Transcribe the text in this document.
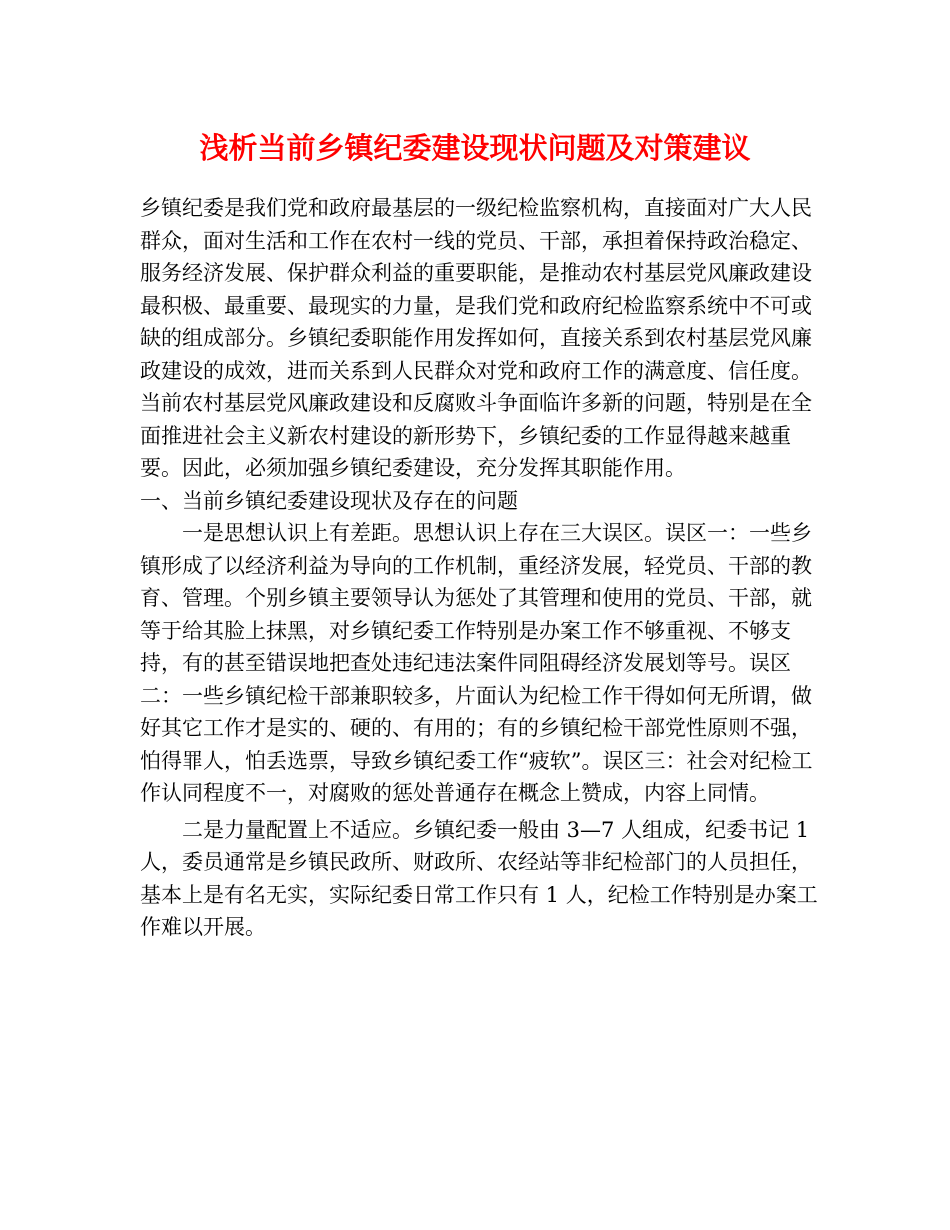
浅析当前乡镇纪委建设现状问题及对策建议

乡镇纪委是我们党和政府最基层的一级纪检监察机构，直接面对广大人民群众，面对生活和工作在农村一线的党员、干部，承担着保持政治稳定、服务经济发展、保护群众利益的重要职能，是推动农村基层党风廉政建设最积极、最重要、最现实的力量，是我们党和政府纪检监察系统中不可或缺的组成部分。乡镇纪委职能作用发挥如何，直接关系到农村基层党风廉政建设的成效，进而关系到人民群众对党和政府工作的满意度、信任度。当前农村基层党风廉政建设和反腐败斗争面临许多新的问题，特别是在全面推进社会主义新农村建设的新形势下，乡镇纪委的工作显得越来越重要。因此，必须加强乡镇纪委建设，充分发挥其职能作用。

一、当前乡镇纪委建设现状及存在的问题

一是思想认识上有差距。思想认识上存在三大误区。误区一：一些乡镇形成了以经济利益为导向的工作机制，重经济发展，轻党员、干部的教育、管理。个别乡镇主要领导认为惩处了其管理和使用的党员、干部，就等于给其脸上抹黑，对乡镇纪委工作特别是办案工作不够重视、不够支持，有的甚至错误地把查处违纪违法案件同阻碍经济发展划等号。误区二：一些乡镇纪检干部兼职较多，片面认为纪检工作干得如何无所谓，做好其它工作才是实的、硬的、有用的；有的乡镇纪检干部党性原则不强，怕得罪人，怕丢选票，导致乡镇纪委工作“疲软”。误区三：社会对纪检工作认同程度不一，对腐败的惩处普通存在概念上赞成，内容上同情。

二是力量配置上不适应。乡镇纪委一般由 3—7 人组成，纪委书记 1 人，委员通常是乡镇民政所、财政所、农经站等非纪检部门的人员担任，基本上是有名无实，实际纪委日常工作只有 1 人，纪检工作特别是办案工作难以开展。
